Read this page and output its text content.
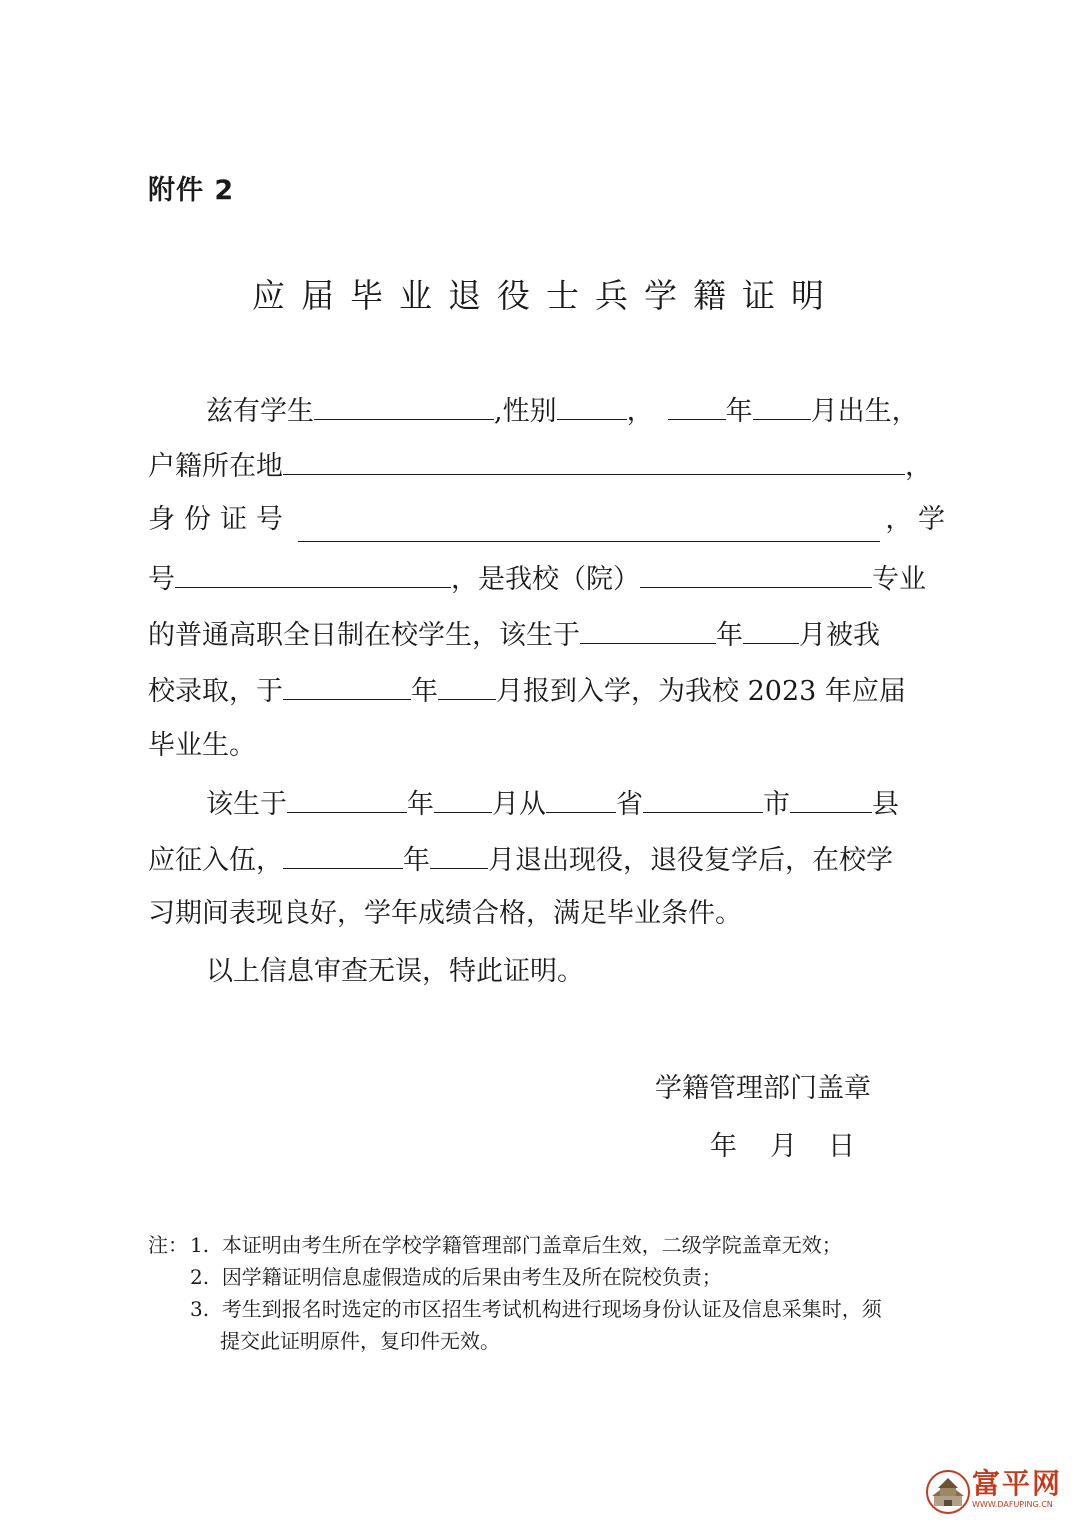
附件 2
应届毕业退役士兵学籍证明
兹有学生	,性别	，	年 月出生，
户籍所在地	，
身份证号	， 学
号	，是我校（院）	专业
的普通高职全日制在校学生，该生于	年 月被我
校录取，于	年 月报到入学，为我校 2023 年应届
毕业生。
该生于	年 月从	省	市	县
应征入伍，	年 月退出现役，退役复学后，在校学
习期间表现良好，学年成绩合格，满足毕业条件。
以上信息审查无误，特此证明。
学籍管理部门盖章
年 月 日
注： 1. 本证明由考生所在学校学籍管理部门盖章后生效，二级学院盖章无效；
2. 因学籍证明信息虚假造成的后果由考生及所在院校负责；
3. 考生到报名时选定的市区招生考试机构进行现场身份认证及信息采集时，须
提交此证明原件，复印件无效。
富平网
WWW.DAFUPING.CN
